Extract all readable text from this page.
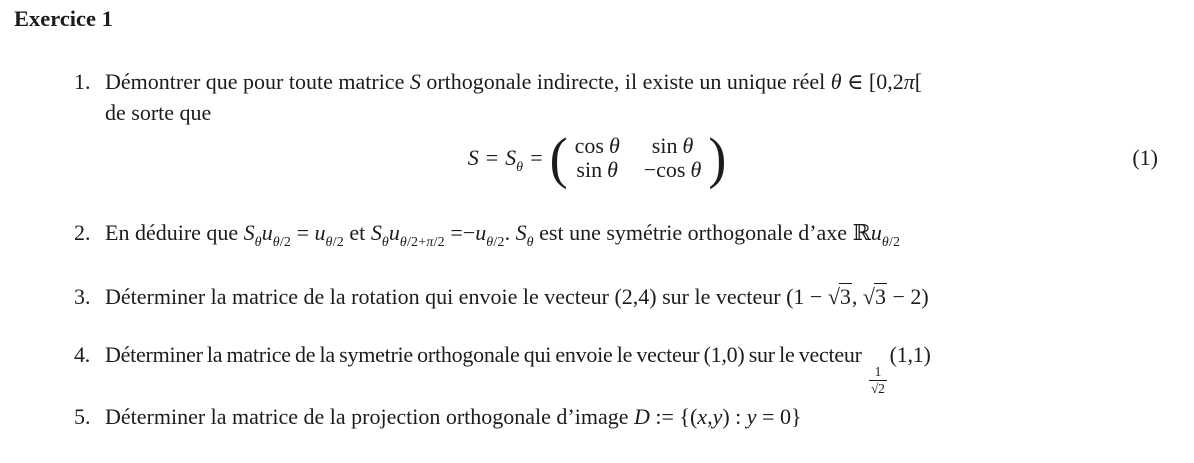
Exercice 1
1. Démontrer que pour toute matrice S orthogonale indirecte, il existe un unique réel θ ∈ [0,2π[
de sorte que
$S = S_\theta$ = ( cos θ	sin θ
sin θ −cos θ )	(1)
2. En déduire que $S_\theta u_{\theta/2} = u_{\theta/2}$ et $S_\theta u_{\theta/2+\pi/2} =-u_{\theta/2}$. $S_\theta$ est une symétrie orthogonale d’axe ℝu$_{\theta/2}$
3. Déterminer la matrice de la rotation qui envoie le vecteur (2,4) sur le vecteur (1 − √3, √3 − 2)
4. Déterminer la matrice de la symetrie orthogonale qui envoie le vecteur (1,0) sur le vecteur
$\frac{1}{√2}$
(1,1)
5. Déterminer la matrice de la projection orthogonale d’image D := {(x,y) : y = 0}
